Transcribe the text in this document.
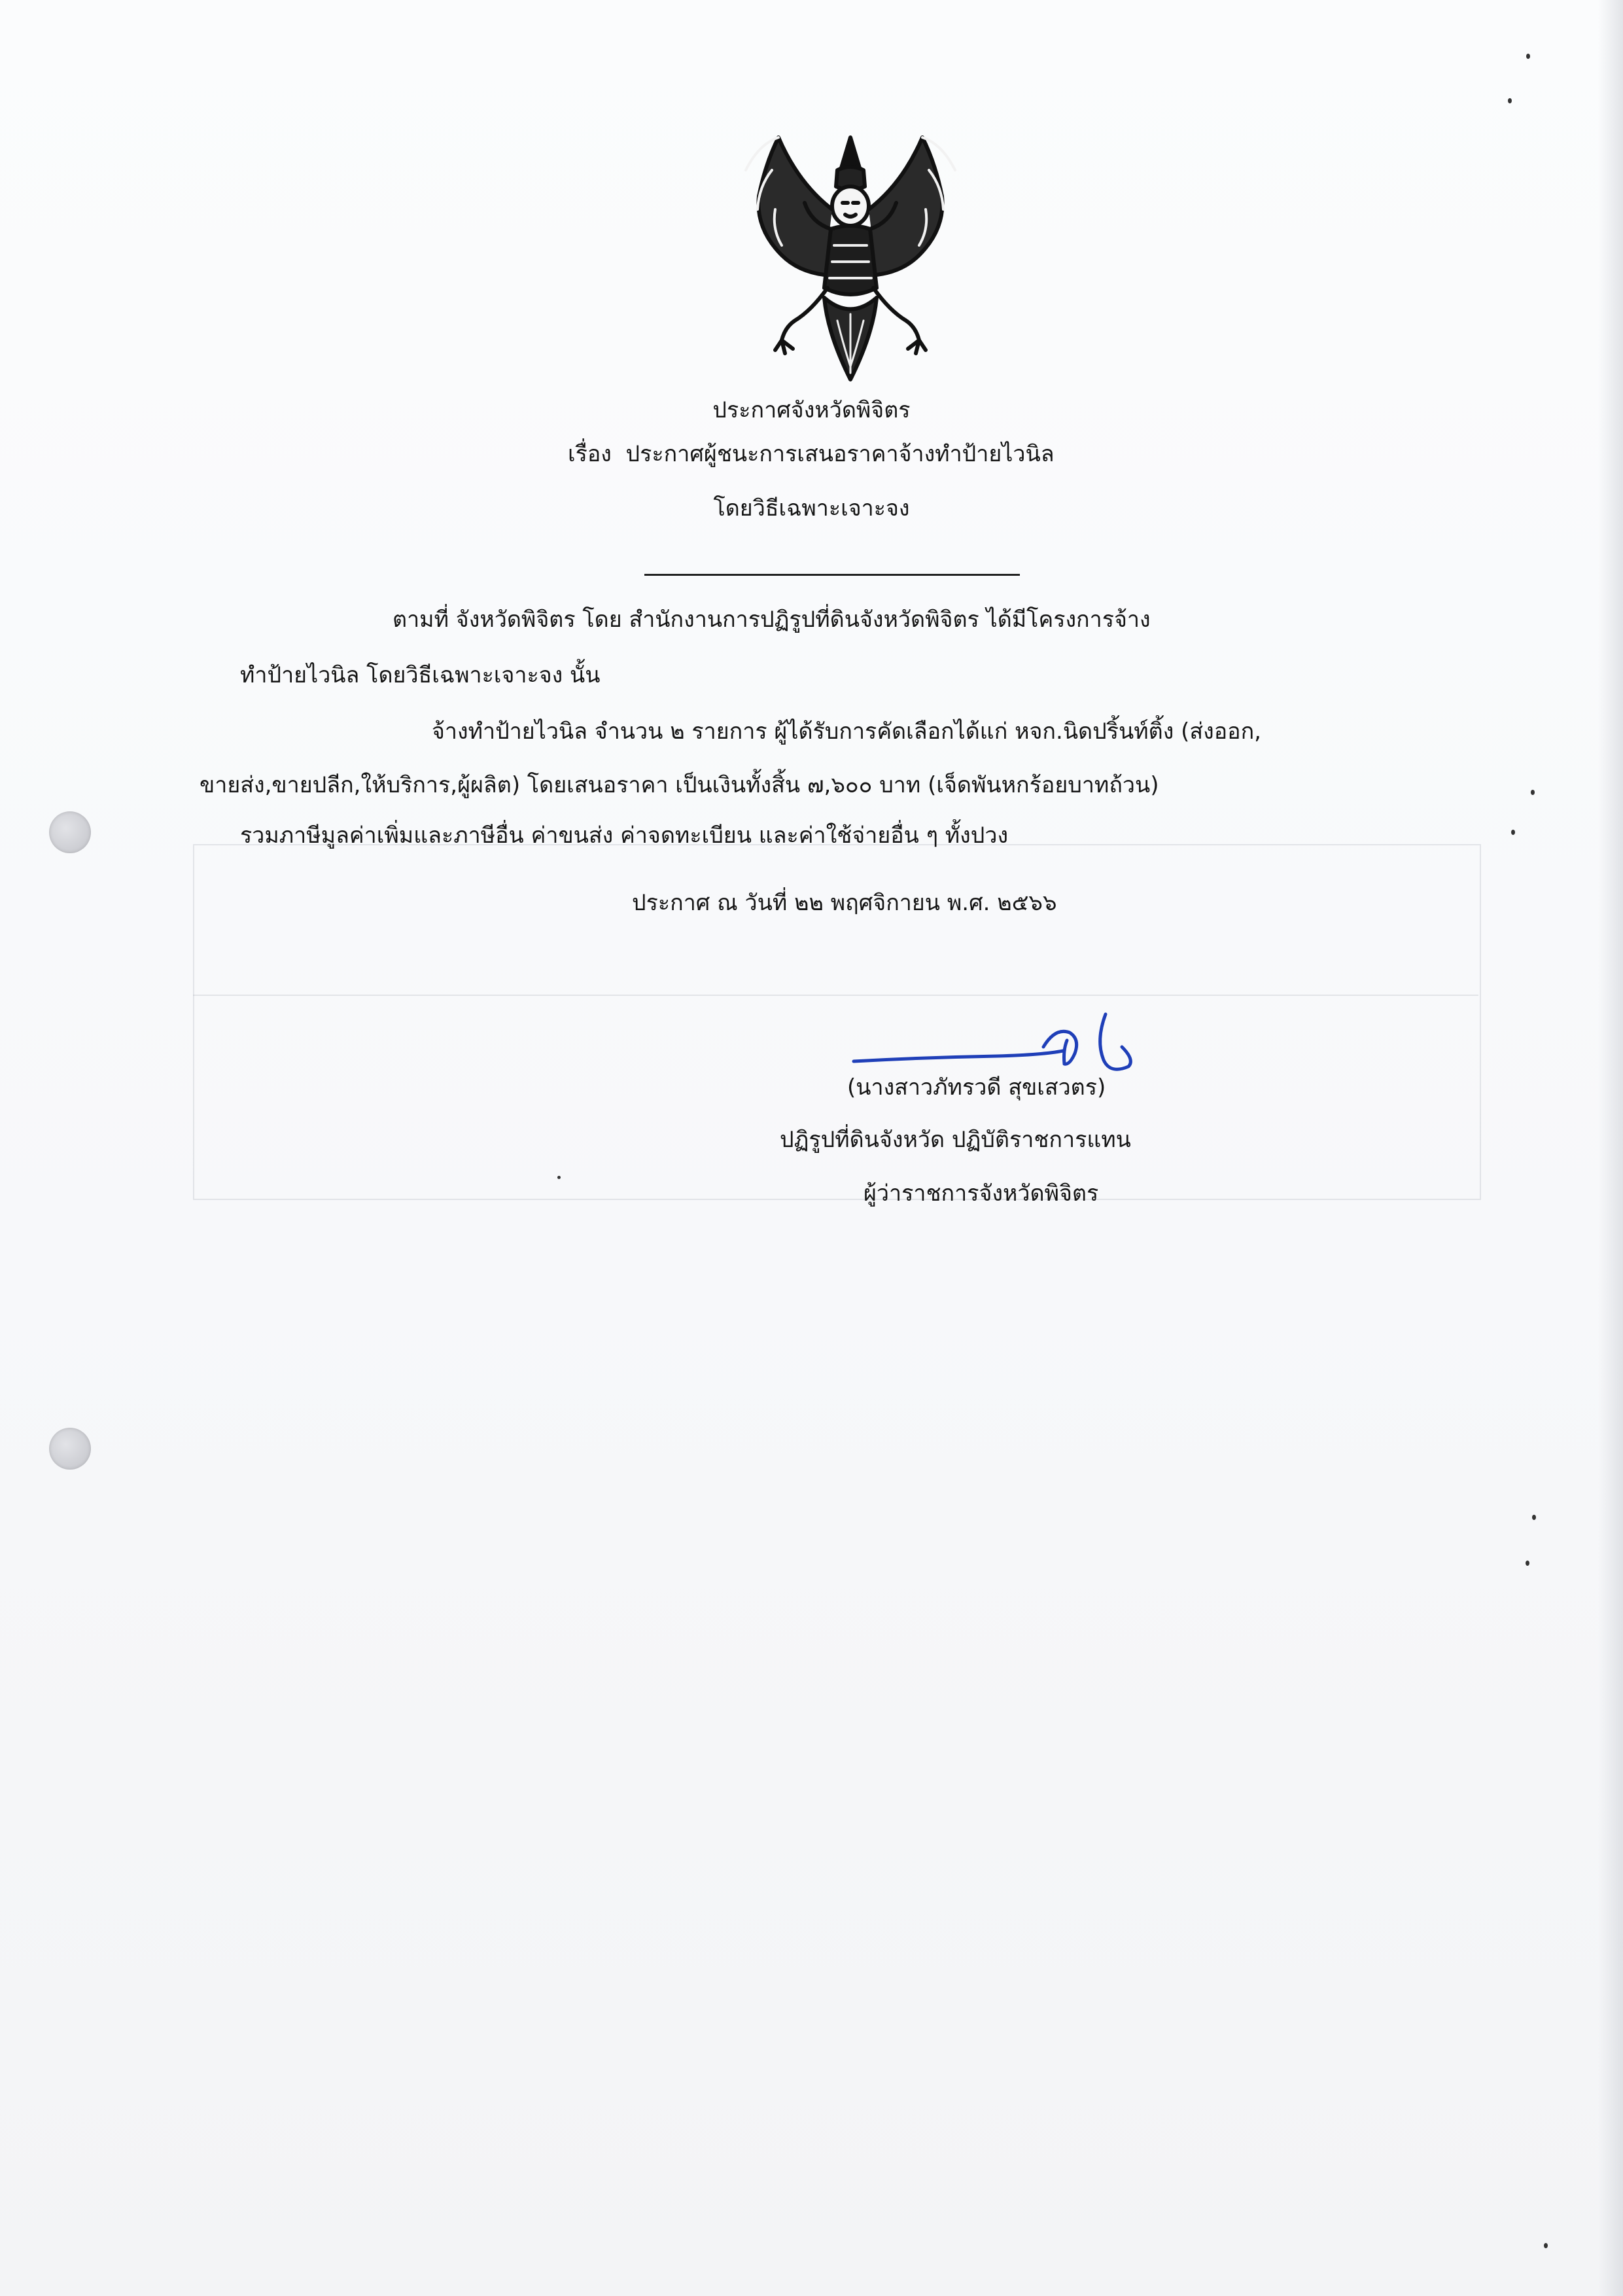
ประกาศจังหวัดพิจิตร
เรื่อง ประกาศผู้ชนะการเสนอราคาจ้างทำป้ายไวนิล
โดยวิธีเฉพาะเจาะจง
ตามที่ จังหวัดพิจิตร โดย สำนักงานการปฏิรูปที่ดินจังหวัดพิจิตร ได้มีโครงการจ้าง
ทำป้ายไวนิล โดยวิธีเฉพาะเจาะจง นั้น
จ้างทำป้ายไวนิล จำนวน ๒ รายการ ผู้ได้รับการคัดเลือกได้แก่ หจก.นิดปริ้นท์ติ้ง (ส่งออก,
ขายส่ง,ขายปลีก,ให้บริการ,ผู้ผลิต) โดยเสนอราคา เป็นเงินทั้งสิ้น ๗,๖๐๐ บาท (เจ็ดพันหกร้อยบาทถ้วน)
รวมภาษีมูลค่าเพิ่มและภาษีอื่น ค่าขนส่ง ค่าจดทะเบียน และค่าใช้จ่ายอื่น ๆ ทั้งปวง
ประกาศ ณ วันที่ ๒๒ พฤศจิกายน พ.ศ. ๒๕๖๖
(นางสาวภัทรวดี สุขเสวตร)
ปฏิรูปที่ดินจังหวัด ปฏิบัติราชการแทน
ผู้ว่าราชการจังหวัดพิจิตร
